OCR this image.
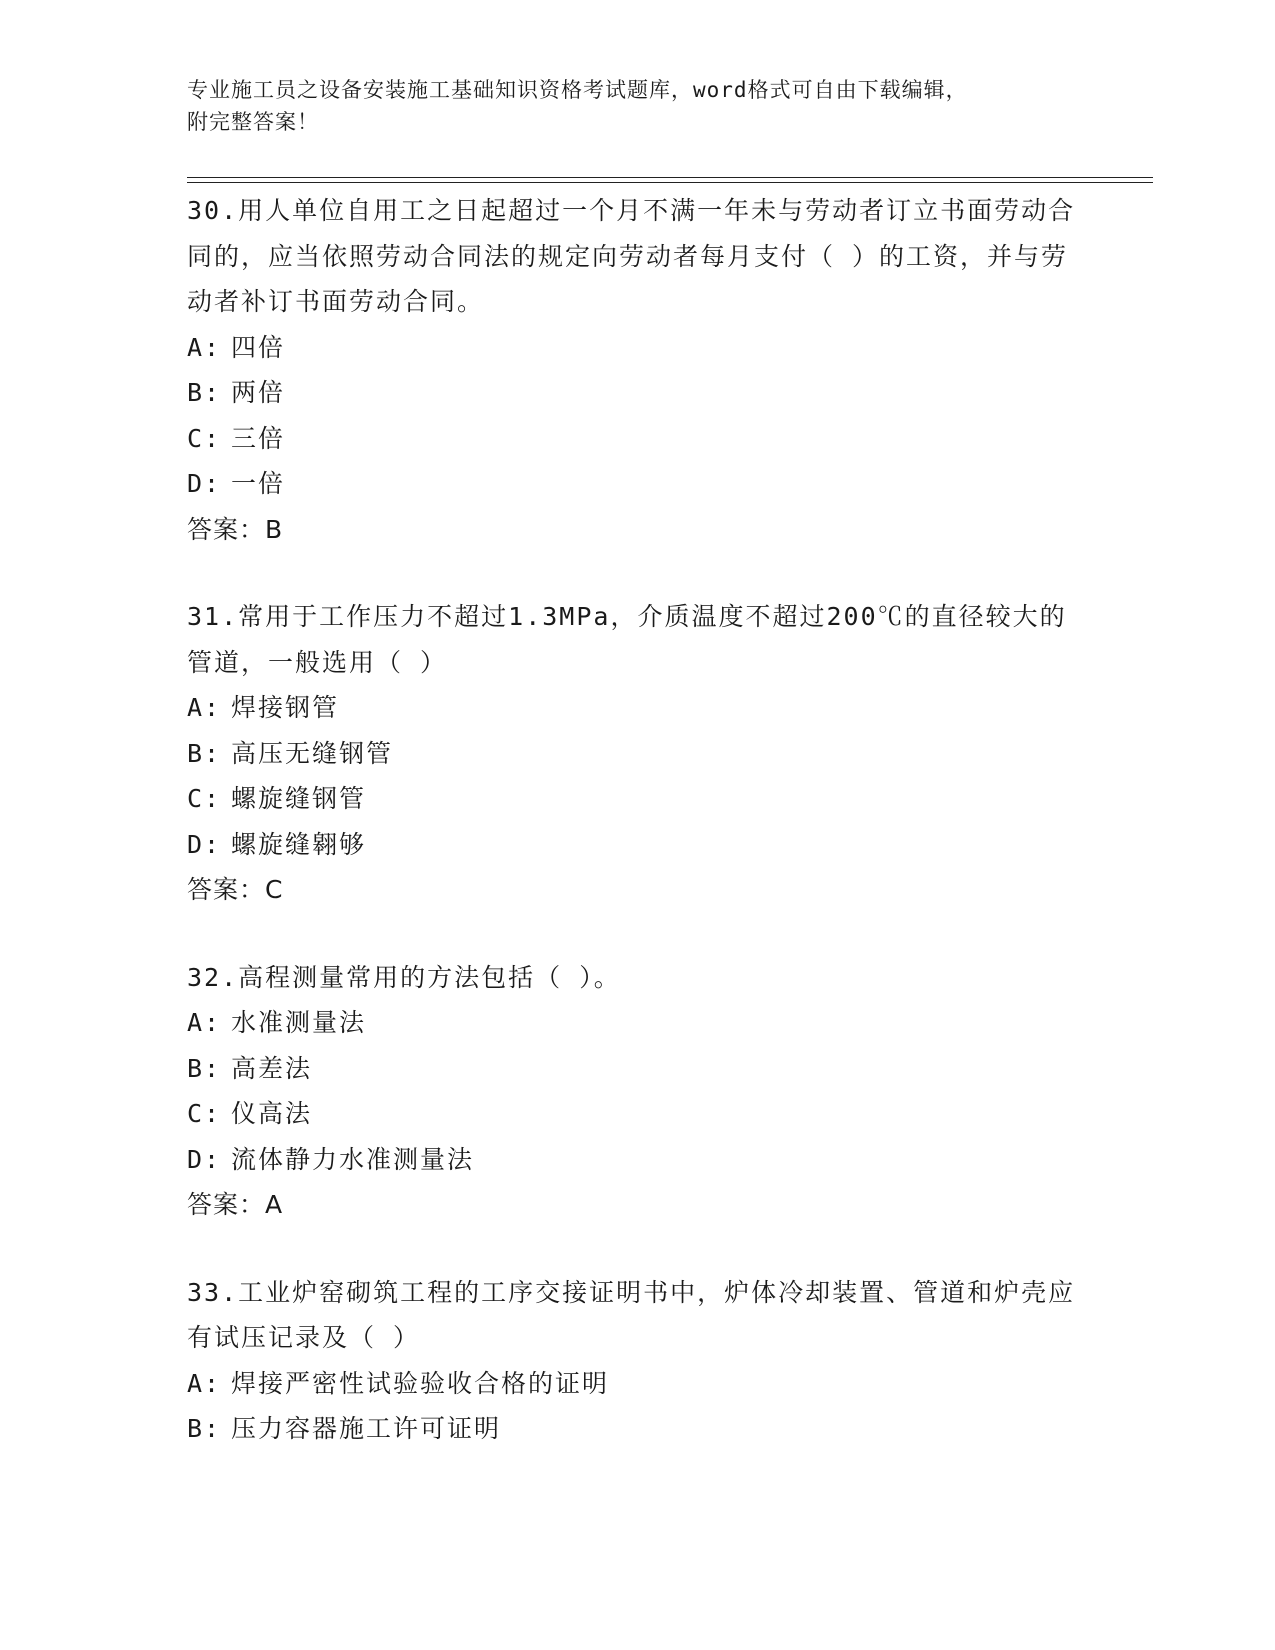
专业施工员之设备安装施工基础知识资格考试题库，word格式可自由下载编辑，
附完整答案！

30.用人单位自用工之日起超过一个月不满一年未与劳动者订立书面劳动合同的，应当依照劳动合同法的规定向劳动者每月支付（ ）的工资，并与劳动者补订书面劳动合同。

A: 四倍
B: 两倍
C: 三倍
D: 一倍
答案：B

31.常用于工作压力不超过1.3MPa，介质温度不超过200℃的直径较大的管道，一般选用（ ）

A: 焊接钢管
B: 高压无缝钢管
C: 螺旋缝钢管
D: 螺旋缝翱够
答案：C

32.高程测量常用的方法包括（ ）。

A: 水准测量法
B: 高差法
C: 仪高法
D: 流体静力水准测量法
答案：A

33.工业炉窑砌筑工程的工序交接证明书中，炉体冷却装置、管道和炉壳应有试压记录及（ ）

A: 焊接严密性试验验收合格的证明
B: 压力容器施工许可证明
